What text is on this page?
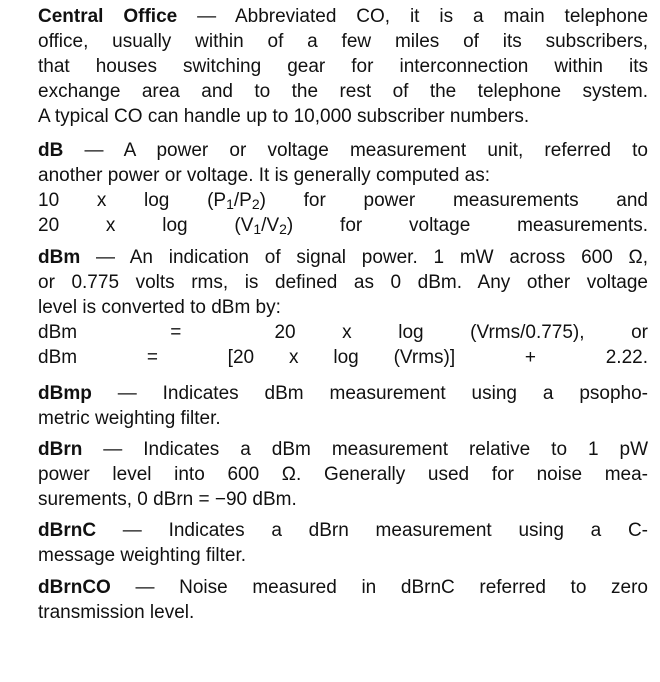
Central Office — Abbreviated CO, it is a main telephone

office, usually within of a few miles of its subscribers,

that houses switching gear for interconnection within its

exchange area and to the rest of the telephone system.

A typical CO can handle up to 10,000 subscriber numbers.

dB — A power or voltage measurement unit, referred to

another power or voltage. It is generally computed as:

10 x $\log (P_1/P_2)$ for power measurements and

20 x $\log (V_1/V_2)$ for voltage measurements.

dBm — An indication of signal power. 1 mW across 600 Ω,

or 0.775 volts rms, is defined as 0 dBm. Any other voltage

level is converted to dBm by:

dBm  =  20 x log (Vrms/0.775), or

dBm  =  [20 x log (Vrms)]  +  2.22.

dBmp — Indicates dBm measurement using a psopho-

metric weighting filter.

dBrn — Indicates a dBm measurement relative to 1 pW

power level into 600 Ω. Generally used for noise mea-

surements, 0 dBrn = −90 dBm.

dBrnC — Indicates a dBrn measurement using a C-

message weighting filter.

dBrnCO — Noise measured in dBrnC referred to zero

transmission level.
